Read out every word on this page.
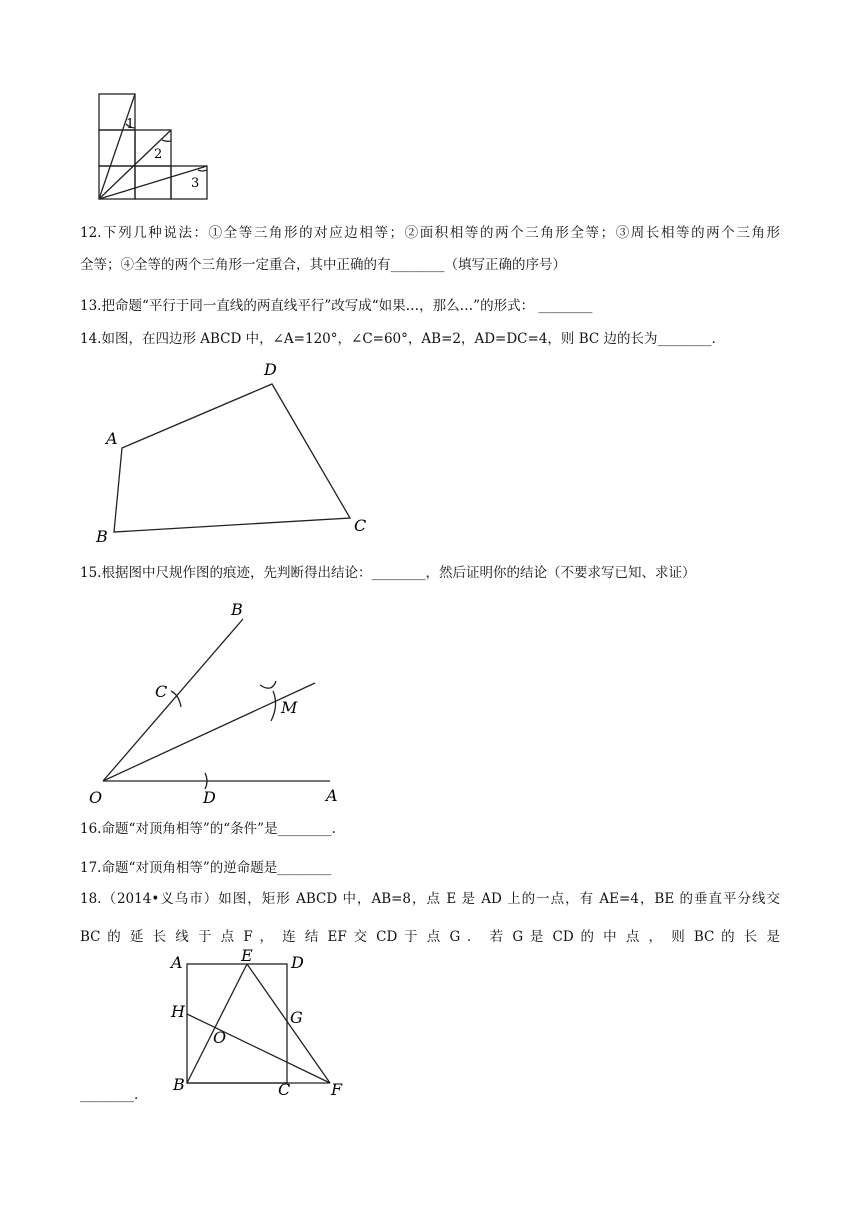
1
2
3

12.下列几种说法：①全等三角形的对应边相等；②面积相等的两个三角形全等；③周长相等的两个三角形

全等；④全等的两个三角形一定重合，其中正确的有________（填写正确的序号）

13.把命题“平行于同一直线的两直线平行”改写成“如果…，那么…”的形式： ________

14.如图，在四边形 ABCD 中，∠A=120°，∠C=60°，AB=2，AD=DC=4，则 BC 边的长为________．

A
D
C
B

15.根据图中尺规作图的痕迹，先判断得出结论：________，然后证明你的结论（不要求写已知、求证）

B
C
M
O	D	A

16.命题“对顶角相等”的“条件”是________.

17.命题“对顶角相等”的逆命题是________

18.（2014•义乌市）如图，矩形 ABCD 中，AB=8，点 E 是 AD 上的一点，有 AE=4，BE 的垂直平分线交

BC 的 延 长 线 于 点 F ， 连 结 EF 交 CD 于 点 G ． 若 G 是 CD 的 中 点 ， 则 BC 的 长 是

A	E D
H	G
O
B	C	F

________.
